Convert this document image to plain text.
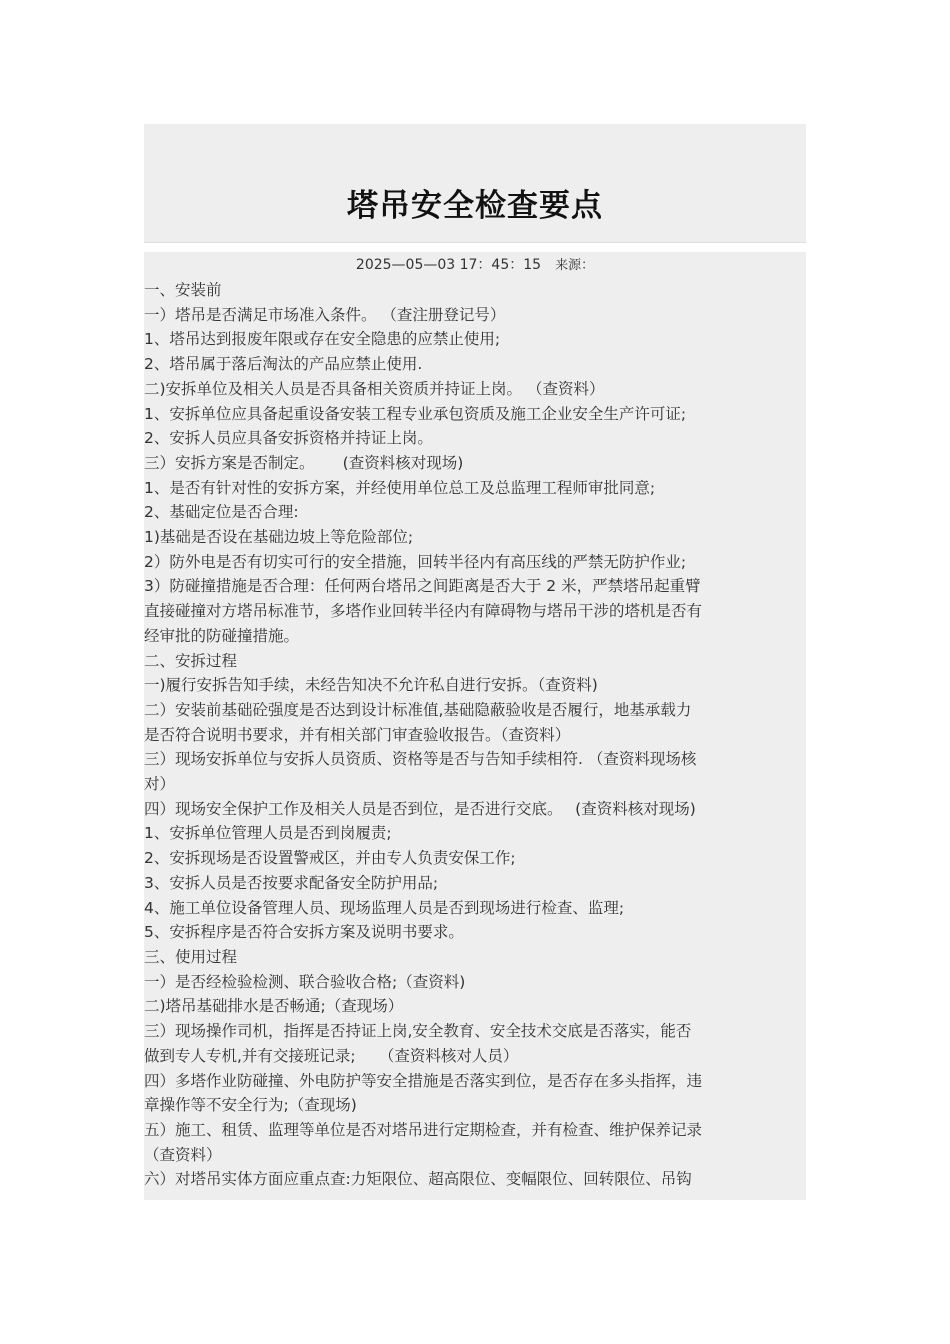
塔吊安全检查要点
2025—05—03 17：45：15 来源：
一、安装前
一）塔吊是否满足市场准入条件。 （查注册登记号）
1、塔吊达到报废年限或存在安全隐患的应禁止使用;
2、塔吊属于落后淘汰的产品应禁止使用.
二)安拆单位及相关人员是否具备相关资质并持证上岗。 （查资料）
1、安拆单位应具备起重设备安装工程专业承包资质及施工企业安全生产许可证;
2、安拆人员应具备安拆资格并持证上岗。
三）安拆方案是否制定。　　 (查资料核对现场)
1、是否有针对性的安拆方案，并经使用单位总工及总监理工程师审批同意;
2、基础定位是否合理:
1)基础是否设在基础边坡上等危险部位;
2）防外电是否有切实可行的安全措施，回转半径内有高压线的严禁无防护作业;
3）防碰撞措施是否合理：任何两台塔吊之间距离是否大于 2 米，严禁塔吊起重臂
直接碰撞对方塔吊标准节，多塔作业回转半径内有障碍物与塔吊干涉的塔机是否有
经审批的防碰撞措施。
二、安拆过程
一)履行安拆告知手续，未经告知决不允许私自进行安拆。（查资料)
二）安装前基础砼强度是否达到设计标准值,基础隐蔽验收是否履行，地基承载力
是否符合说明书要求，并有相关部门审查验收报告。（查资料）
三）现场安拆单位与安拆人员资质、资格等是否与告知手续相符. （查资料现场核
对）
四）现场安全保护工作及相关人员是否到位，是否进行交底。　 (查资料核对现场)
1、安拆单位管理人员是否到岗履责;
2、安拆现场是否设置警戒区，并由专人负责安保工作;
3、安拆人员是否按要求配备安全防护用品;
4、施工单位设备管理人员、现场监理人员是否到现场进行检查、监理;
5、安拆程序是否符合安拆方案及说明书要求。
三、使用过程
一）是否经检验检测、联合验收合格;（查资料)
二)塔吊基础排水是否畅通;（查现场）
三）现场操作司机，指挥是否持证上岗,安全教育、安全技术交底是否落实，能否
做到专人专机,并有交接班记录;　　（查资料核对人员）
四）多塔作业防碰撞、外电防护等安全措施是否落实到位，是否存在多头指挥，违
章操作等不安全行为;（查现场)
五）施工、租赁、监理等单位是否对塔吊进行定期检查，并有检查、维护保养记录
（查资料）
六）对塔吊实体方面应重点查:力矩限位、超高限位、变幅限位、回转限位、吊钩
